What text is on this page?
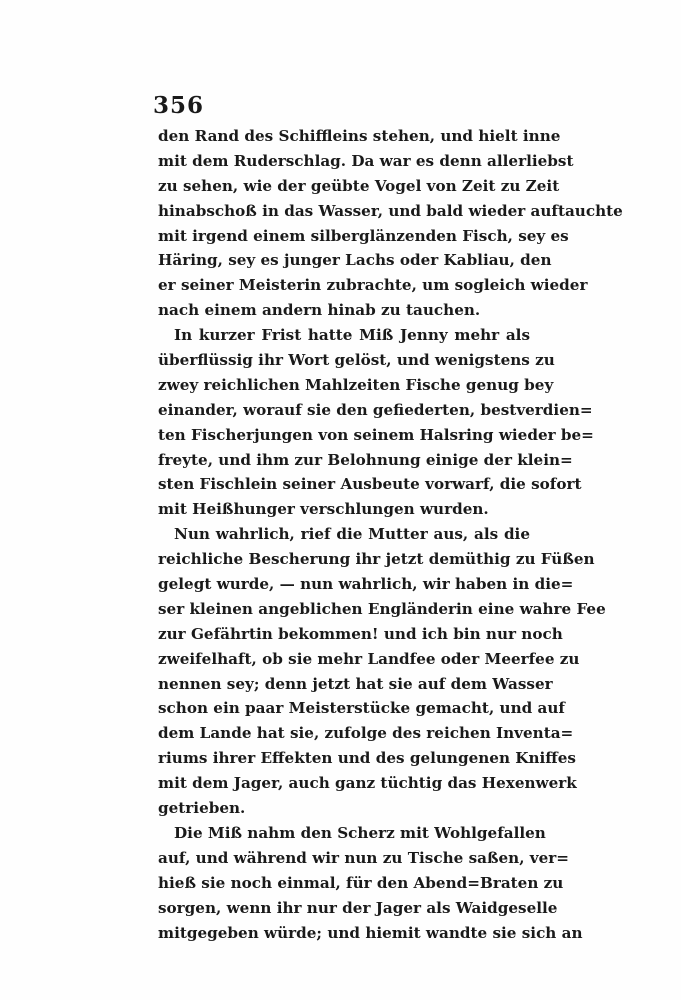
356
den Rand des Schiffleins stehen, und hielt inne
mit dem Ruderschlag. Da war es denn allerliebst
zu sehen, wie der geübte Vogel von Zeit zu Zeit
hinabschoß in das Wasser, und bald wieder auftauchte
mit irgend einem silberglänzenden Fisch, sey es
Häring, sey es junger Lachs oder Kabliau, den
er seiner Meisterin zubrachte, um sogleich wieder
nach einem andern hinab zu tauchen.
In kurzer Frist hatte Miß Jenny mehr als
überflüssig ihr Wort gelöst, und wenigstens zu
zwey reichlichen Mahlzeiten Fische genug bey
einander, worauf sie den gefiederten, bestverdien=
ten Fischerjungen von seinem Halsring wieder be=
freyte, und ihm zur Belohnung einige der klein=
sten Fischlein seiner Ausbeute vorwarf, die sofort
mit Heißhunger verschlungen wurden.
Nun wahrlich, rief die Mutter aus, als die
reichliche Bescherung ihr jetzt demüthig zu Füßen
gelegt wurde, — nun wahrlich, wir haben in die=
ser kleinen angeblichen Engländerin eine wahre Fee
zur Gefährtin bekommen! und ich bin nur noch
zweifelhaft, ob sie mehr Landfee oder Meerfee zu
nennen sey; denn jetzt hat sie auf dem Wasser
schon ein paar Meisterstücke gemacht, und auf
dem Lande hat sie, zufolge des reichen Inventa=
riums ihrer Effekten und des gelungenen Kniffes
mit dem Jager, auch ganz tüchtig das Hexenwerk
getrieben.
Die Miß nahm den Scherz mit Wohlgefallen
auf, und während wir nun zu Tische saßen, ver=
hieß sie noch einmal, für den Abend=Braten zu
sorgen, wenn ihr nur der Jager als Waidgeselle
mitgegeben würde; und hiemit wandte sie sich an
